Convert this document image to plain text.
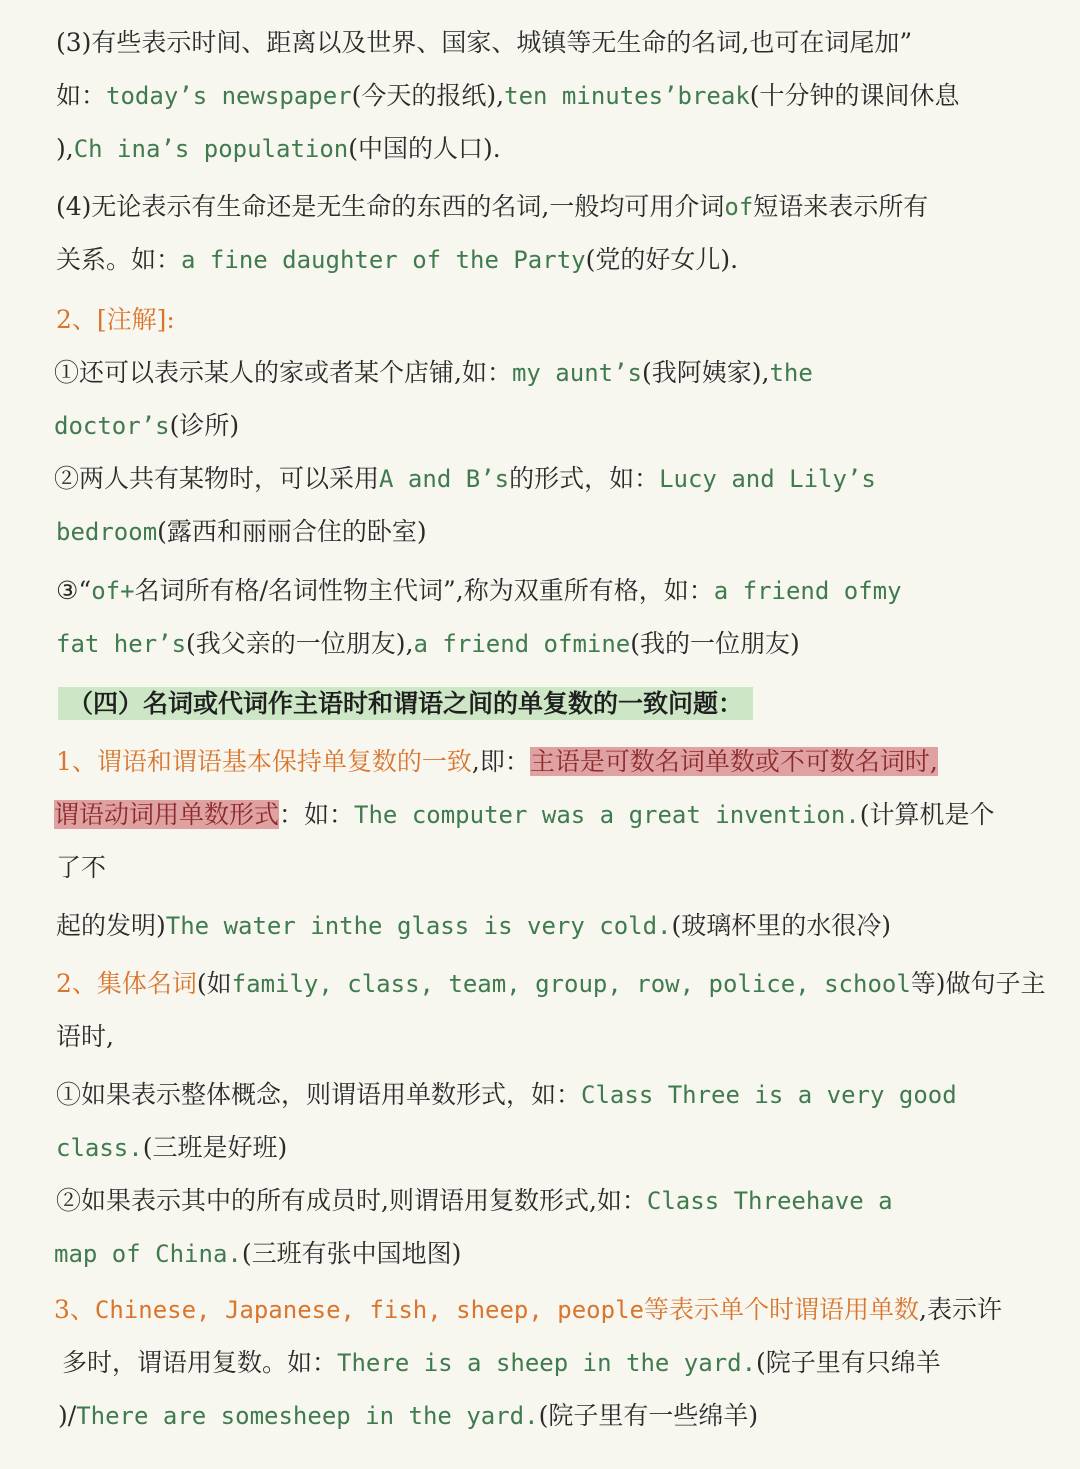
(3)有些表示时间、距离以及世界、国家、城镇等无生命的名词,也可在词尾加”
如：today’s newspaper(今天的报纸),ten minutes’break(十分钟的课间休息
),Ch ina’s population(中国的人口).
(4)无论表示有生命还是无生命的东西的名词,一般均可用介词of短语来表示所有
关系。如：a fine daughter of the Party(党的好女儿).
2、[注解]:
①还可以表示某人的家或者某个店铺,如：my aunt’s(我阿姨家),the
doctor’s(诊所)
②两人共有某物时，可以采用A and B’s的形式，如：Lucy and Lily’s
bedroom(露西和丽丽合住的卧室)
③“of+名词所有格/名词性物主代词”,称为双重所有格，如：a friend ofmy
fat her’s(我父亲的一位朋友),a friend ofmine(我的一位朋友)
（四）名词或代词作主语时和谓语之间的单复数的一致问题：
1、谓语和谓语基本保持单复数的一致,即：主语是可数名词单数或不可数名词时,
谓语动词用单数形式：如：The computer was a great invention.(计算机是个
了不
起的发明)The water inthe glass is very cold.(玻璃杯里的水很冷)
2、集体名词(如family, class, team, group, row, police, school等)做句子主
语时,
①如果表示整体概念，则谓语用单数形式，如：Class Three is a very good
class.(三班是好班)
②如果表示其中的所有成员时,则谓语用复数形式,如：Class Threehave a
map of China.(三班有张中国地图)
3、Chinese, Japanese, fish, sheep, people等表示单个时谓语用单数,表示许
多时，谓语用复数。如：There is a sheep in the yard.(院子里有只绵羊
)/There are somesheep in the yard.(院子里有一些绵羊)
